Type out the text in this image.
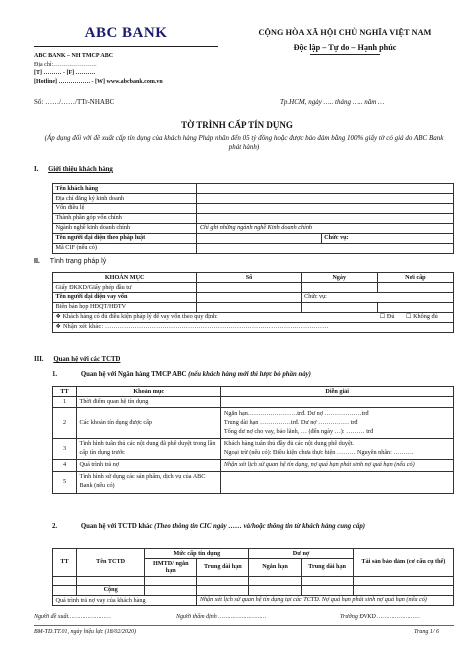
ABC BANK
ABC BANK – NH TMCP ABC
Địa chỉ:………………….
[T] ……… - [F] ……….
[Hotline] ……………. - [W] www.abcbank.com.vn
CỘNG HÒA XÃ HỘI CHỦ NGHĨA VIỆT NAM
Độc lập – Tự do – Hạnh phúc
Số: ……/……/TTr-NHABC	Tp.HCM, ngày ….. tháng ….. năm …
TỜ TRÌNH CẤP TÍN DỤNG
(Áp dụng đối với đề xuất cấp tín dụng của khách hàng Pháp nhân đến 05 tỷ đồng hoặc được bảo đảm bằng 100% giấy tờ có giá do ABC Bank phát hành)
I. Giới thiệu khách hàng
Tên khách hàng		
Địa chỉ đăng ký kinh doanh		
Vốn điều lệ		
Thành phần góp vốn chính		
Ngành nghề kinh doanh chính	Chỉ ghi những ngành nghề Kinh doanh chính	
Tên người đại diện theo pháp luật		Chức vụ:
Mã CIF (nếu có)		
II. Tình trạng pháp lý
KHOẢN MỤC	Số	Ngày	Nơi cấp
Giấy ĐKKD/Giấy phép đầu tư			
Tên người đại diện vay vốn		Chức vụ:	
Biên bản họp HĐQT/HĐTV			
❖ Khách hàng có đủ điều kiện pháp lý để vay vốn theo quy định:			☐ Đủ ☐ Không đủ
❖ Nhận xét khác: ……………………………………………………………………………………………			
III. Quan hệ với các TCTD
1.	Quan hệ với Ngân hàng TMCP ABC (nếu khách hàng mới thì lược bỏ phần này)
TT	Khoản mục	Diễn giải
1	Thời điểm quan hệ tín dụng	
2	Các khoản tín dụng được cấp	Ngắn hạn……………………trđ. Dư nợ ………………trđ
Trung dài hạn ……………trđ. Dư nợ …………… trđ
Tổng dư nợ cho vay, bảo lãnh, … (đến ngày …): ……… trđ

3	Tình hình tuân thủ các nội dung đã phê duyệt trong lần cấp tín dụng trước	Khách hàng tuân thủ đầy đủ các nội dung phê duyệt.
Ngoại trừ (nếu có): Điều kiện chưa thực hiện ……… Nguyên nhân: ……….

4	Quá trình trả nợ	Nhận xét lịch sử quan hệ tín dụng, nợ quá hạn phát sinh nợ quá hạn (nếu có)
5	Tình hình sử dụng các sản phẩm, dịch vụ của ABC Bank (nếu có)	
2.	Quan hệ với TCTD khác (Theo thông tin CIC ngày …… và/hoặc thông tin từ khách hàng cung cấp)
TT	Tên TCTD	Mức cấp tín dụng		Dư nợ		Tài sản bảo đảm (cơ cấu cụ thể)
		HMTD/ ngắn hạn	Trung dài hạn	Ngắn hạn	Trung dài hạn	

	Cộng					
Quá trình trả nợ vay của khách hàng			Nhận xét lịch sử quan hệ tín dụng tại các TCTD. Nợ quá hạn phát sinh nợ quá hạn (nếu có)			
Người đề xuất……………………	Người thẩm định ………………………	Trưởng ĐVKD ……………………
BM-TD.TT.01, ngày hiệu lực (18/02/2020)	Trang 1/ 6
